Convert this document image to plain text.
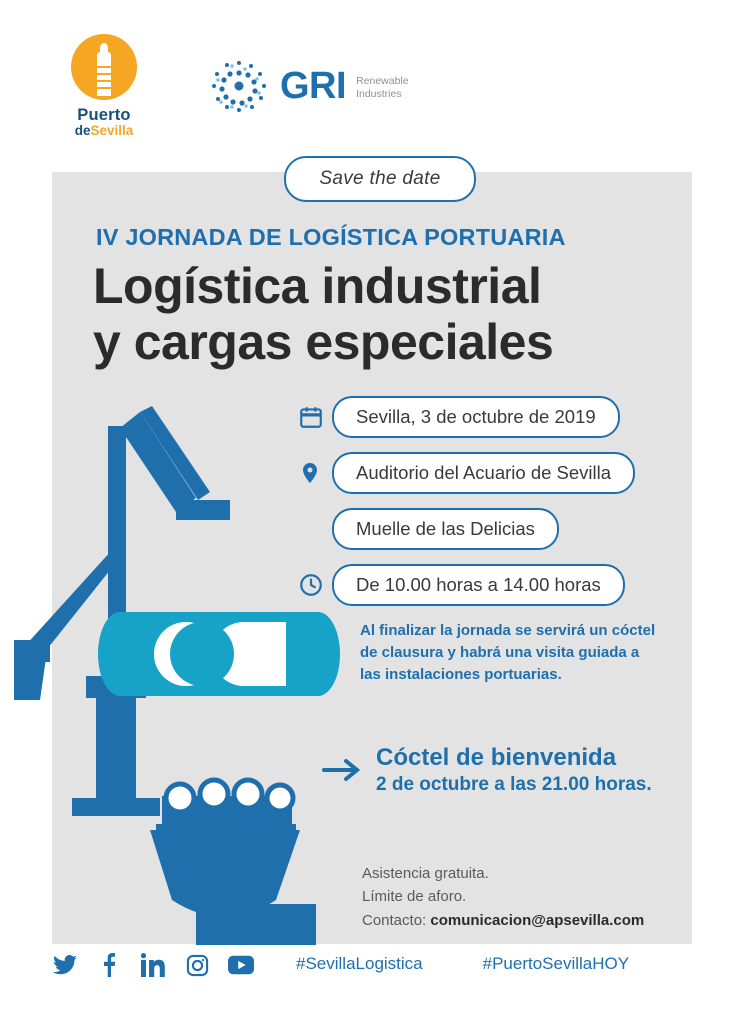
Puerto
deSevilla
GRI Renewable
Industries
Save the date
IV JORNADA DE LOGÍSTICA PORTUARIA
Logística industrial
y cargas especiales
Sevilla, 3 de octubre de 2019
Auditorio del Acuario de Sevilla
Muelle de las Delicias
De 10.00 horas a 14.00 horas
Al finalizar la jornada se servirá un cóctel de clausura y habrá una visita guiada a las instalaciones portuarias.
Cóctel de bienvenida
2 de octubre a las 21.00 horas.
Asistencia gratuita.
Límite de aforo.
Contacto: comunicacion@apsevilla.com
#SevillaLogistica	#PuertoSevillaHOY
